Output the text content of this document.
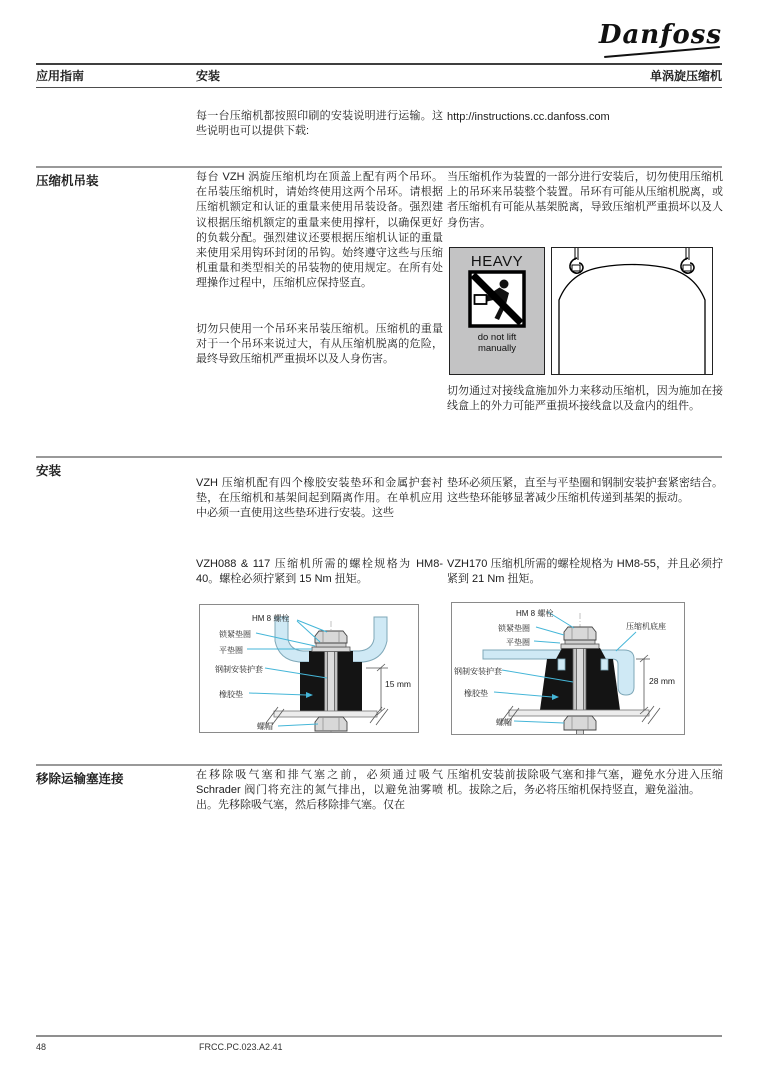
Danfoss
应用指南	安装	单涡旋压缩机
每一台压缩机都按照印刷的安装说明进行运输。这些说明也可以提供下载:
http://instructions.cc.danfoss.com
压缩机吊装	每台 VZH 涡旋压缩机均在顶盖上配有两个吊环。在吊装压缩机时，请始终使用这两个吊环。请根据压缩机额定和认证的重量来使用吊装设备。强烈建议根据压缩机额定的重量来使用撑杆，以确保更好的负载分配。强烈建议还要根据压缩机认证的重量来使用采用钩环封闭的吊钩。始终遵守这些与压缩机重量和类型相关的吊装物的使用规定。在所有处理操作过程中，压缩机应保持竖直。
切勿只使用一个吊环来吊装压缩机。压缩机的重量对于一个吊环来说过大，有从压缩机脱离的危险，最终导致压缩机严重损坏以及人身伤害。
当压缩机作为装置的一部分进行安装后，切勿使用压缩机上的吊环来吊装整个装置。吊环有可能从压缩机脱离，或者压缩机有可能从基架脱离，导致压缩机严重损坏以及人身伤害。
HEAVY
do not lift
manually
切勿通过对接线盒施加外力来移动压缩机，因为施加在接线盒上的外力可能严重损坏接线盒以及盒内的组件。
安装
VZH 压缩机配有四个橡胶安装垫环和金属护套衬垫，在压缩机和基架间起到隔离作用。在单机应用中必须一直使用这些垫环进行安装。这些
垫环必须压紧，直至与平垫圈和钢制安装护套紧密结合。这些垫环能够显著减少压缩机传递到基架的振动。
VZH088 & 117 压缩机所需的螺栓规格为 HM8-40。螺栓必须拧紧到 15 Nm 扭矩。
VZH170 压缩机所需的螺栓规格为 HM8-55，并且必须拧紧到 21 Nm 扭矩。
HM 8 螺栓
锁紧垫圈
平垫圈
钢制安装护套
橡胶垫
螺帽
15 mm
HM 8 螺栓
锁紧垫圈
平垫圈
压缩机底座
钢制安装护套
橡胶垫
螺帽
28 mm
移除运输塞连接	在移除吸气塞和排气塞之前，必须通过吸气 Schrader 阀门将充注的氮气排出，以避免油雾喷出。先移除吸气塞，然后移除排气塞。仅在
压缩机安装前拔除吸气塞和排气塞，避免水分进入压缩机。拔除之后，务必将压缩机保持竖直，避免溢油。
48	FRCC.PC.023.A2.41
